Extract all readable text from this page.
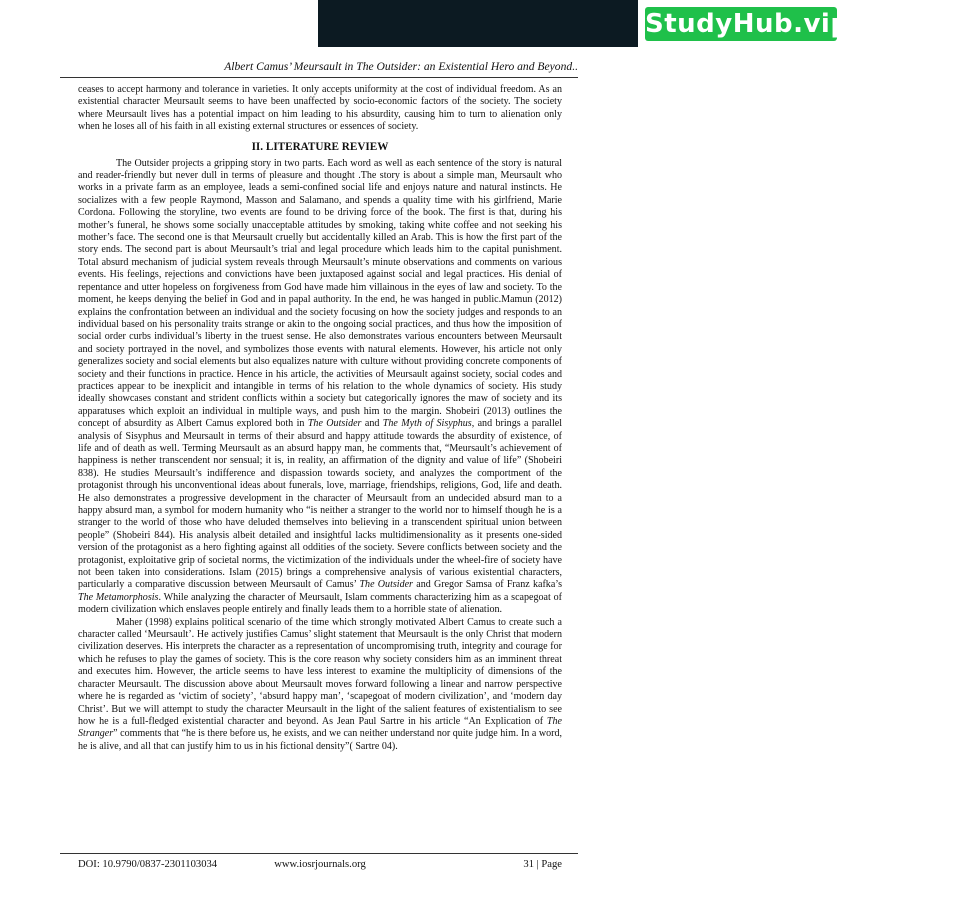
StudyHub.vip
★ Experienced writers
◷ On-time delivery
% 100% plagiarism free
Albert Camus’ Meursault in The Outsider: an Existential Hero and Beyond..

ceases to accept harmony and tolerance in varieties. It only accepts uniformity at the cost of individual freedom. As an existential character Meursault seems to have been unaffected by socio-economic factors of the society. The society where Meursault lives has a potential impact on him leading to his absurdity, causing him to turn to alienation only when he loses all of his faith in all existing external structures or essences of society.

II. LITERATURE REVIEW

The Outsider projects a gripping story in two parts. Each word as well as each sentence of the story is natural and reader-friendly but never dull in terms of pleasure and thought .The story is about a simple man, Meursault who works in a private farm as an employee, leads a semi-confined social life and enjoys nature and natural instincts. He socializes with a few people Raymond, Masson and Salamano, and spends a quality time with his girlfriend, Marie Cordona. Following the storyline, two events are found to be driving force of the book. The first is that, during his mother’s funeral, he shows some socially unacceptable attitudes by smoking, taking white coffee and not seeking his mother’s face. The second one is that Meursault cruelly but accidentally killed an Arab. This is how the first part of the story ends. The second part is about Meursault’s trial and legal procedure which leads him to the capital punishment. Total absurd mechanism of judicial system reveals through Meursault’s minute observations and comments on various events. His feelings, rejections and convictions have been juxtaposed against social and legal practices. His denial of repentance and utter hopeless on forgiveness from God have made him villainous in the eyes of law and society. To the moment, he keeps denying the belief in God and in papal authority. In the end, he was hanged in public.Mamun (2012) explains the confrontation between an individual and the society focusing on how the society judges and responds to an individual based on his personality traits strange or akin to the ongoing social practices, and thus how the imposition of social order curbs individual’s liberty in the truest sense. He also demonstrates various encounters between Meursault and society portrayed in the novel, and symbolizes those events with natural elements. However, his article not only generalizes society and social elements but also equalizes nature with culture without providing concrete components of society and their functions in practice. Hence in his article, the activities of Meursault against society, social codes and practices appear to be inexplicit and intangible in terms of his relation to the whole dynamics of society. His study ideally showcases constant and strident conflicts within a society but categorically ignores the maw of society and its apparatuses which exploit an individual in multiple ways, and push him to the margin. Shobeiri (2013) outlines the concept of absurdity as Albert Camus explored both in The Outsider and The Myth of Sisyphus, and brings a parallel analysis of Sisyphus and Meursault in terms of their absurd and happy attitude towards the absurdity of existence, of life and of death as well. Terming Meursault as an absurd happy man, he comments that, “Meursault’s achievement of happiness is nether transcendent nor sensual; it is, in reality, an affirmation of the dignity and value of life” (Shobeiri 838). He studies Meursault’s indifference and dispassion towards society, and analyzes the comportment of the protagonist through his unconventional ideas about funerals, love, marriage, friendships, religions, God, life and death. He also demonstrates a progressive development in the character of Meursault from an undecided absurd man to a happy absurd man, a symbol for modern humanity who “is neither a stranger to the world nor to himself though he is a stranger to the world of those who have deluded themselves into believing in a transcendent spiritual union between people” (Shobeiri 844). His analysis albeit detailed and insightful lacks multidimensionality as it presents one-sided version of the protagonist as a hero fighting against all oddities of the society. Severe conflicts between society and the protagonist, exploitative grip of societal norms, the victimization of the individuals under the wheel-fire of society have not been taken into considerations. Islam (2015) brings a comprehensive analysis of various existential characters, particularly a comparative discussion between Meursault of Camus’ The Outsider and Gregor Samsa of Franz kafka’s The Metamorphosis. While analyzing the character of Meursault, Islam comments characterizing him as a scapegoat of modern civilization which enslaves people entirely and finally leads them to a horrible state of alienation.

Maher (1998) explains political scenario of the time which strongly motivated Albert Camus to create such a character called ‘Meursault’. He actively justifies Camus’ slight statement that Meursault is the only Christ that modern civilization deserves. His interprets the character as a representation of uncompromising truth, integrity and courage for which he refuses to play the games of society. This is the core reason why society considers him as an imminent threat and executes him. However, the article seems to have less interest to examine the multiplicity of dimensions of the character Meursault. The discussion above about Meursault moves forward following a linear and narrow perspective where he is regarded as ‘victim of society’, ‘absurd happy man’, ‘scapegoat of modern civilization’, and ‘modern day Christ’. But we will attempt to study the character Meursault in the light of the salient features of existentialism to see how he is a full-fledged existential character and beyond. As Jean Paul Sartre in his article “An Explication of The Stranger” comments that “he is there before us, he exists, and we can neither understand nor quite judge him. In a word, he is alive, and all that can justify him to us in his fictional density”( Sartre 04).

DOI: 10.9790/0837-2301103034	www.iosrjournals.org	31 | Page
